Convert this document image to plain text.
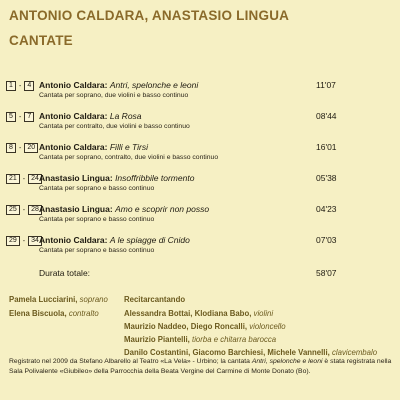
ANTONIO CALDARA, ANASTASIO LINGUA
CANTATE
1 - 4 Antonio Caldara: Antri, spelonche e leoni
Cantata per soprano, due violini e basso continuo
11'07
5 - 7 Antonio Caldara: La Rosa
Cantata per contralto, due violini e basso continuo
08'44
8 - 20 Antonio Caldara: Filli e Tirsi
Cantata per soprano, contralto, due violini e basso continuo
16'01
21 - 24 Anastasio Lingua: Insoffribbile tormento
Cantata per soprano e basso continuo
05'38
25 - 28 Anastasio Lingua: Amo e scoprir non posso
Cantata per soprano e basso continuo
04'23
29 - 34 Antonio Caldara: A le spiagge di Cnido
Cantata per soprano e basso continuo
07'03
Durata totale:	58'07
Pamela Lucciarini, soprano
Elena Biscuola, contralto
Recitarcantando
Alessandra Bottai, Klodiana Babo, violini
Maurizio Naddeo, Diego Roncalli, violoncello
Maurizio Piantelli, tiorba e chitarra barocca
Danilo Costantini, Giacomo Barchiesi, Michele Vannelli, clavicembalo
Registrato nel 2009 da Stefano Albarello al Teatro «La Vela» - Urbino; la cantata Antri, spelonche e leoni è stata registrata nella Sala Polivalente «Giubileo» della Parrocchia della Beata Vergine del Carmine di Monte Donato (Bo).
